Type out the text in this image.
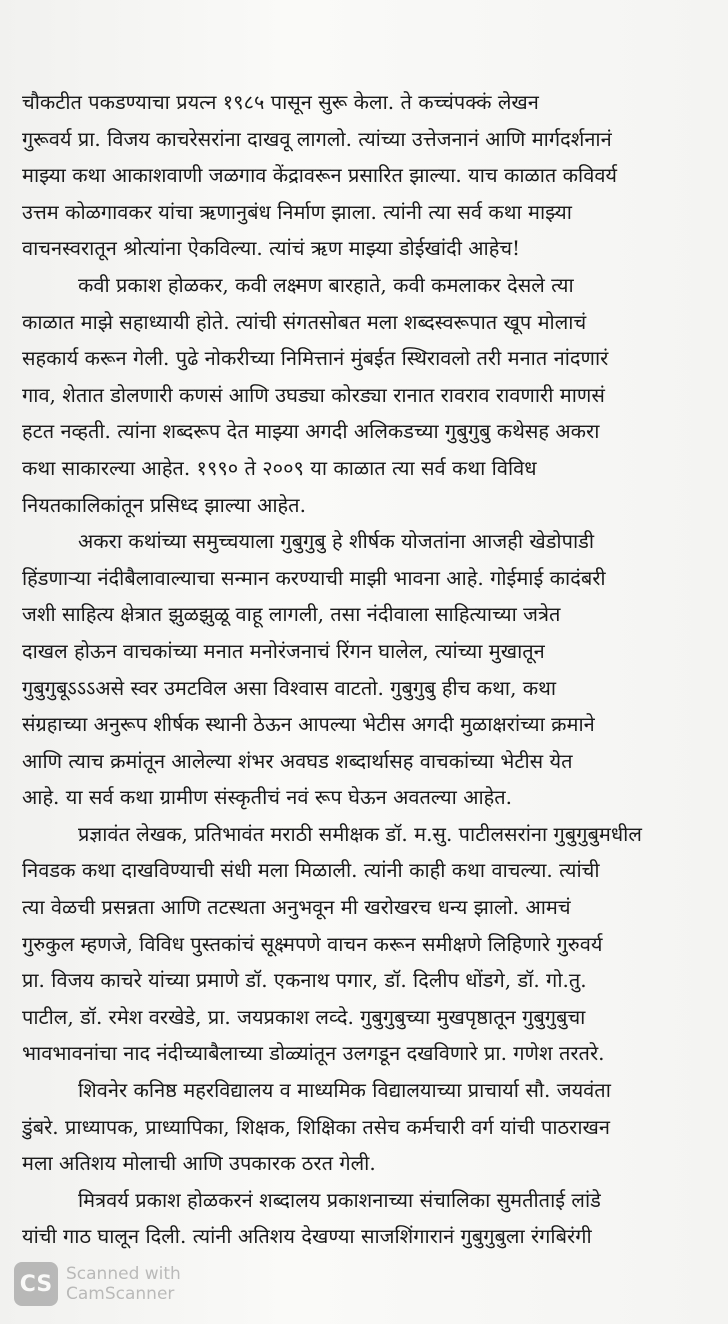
चौकटीत पकडण्याचा प्रयत्न १९८५ पासून सुरू केला. ते कच्चंपक्कं लेखन
गुरूवर्य प्रा. विजय काचरेसरांना दाखवू लागलो. त्यांच्या उत्तेजनानं आणि मार्गदर्शनानं
माझ्या कथा आकाशवाणी जळगाव केंद्रावरून प्रसारित झाल्या. याच काळात कविवर्य
उत्तम कोळगावकर यांचा ऋणानुबंध निर्माण झाला. त्यांनी त्या सर्व कथा माझ्या
वाचनस्वरातून श्रोत्यांना ऐकविल्या. त्यांचं ऋण माझ्या डोईखांदी आहेच!
कवी प्रकाश होळकर, कवी लक्ष्मण बारहाते, कवी कमलाकर देसले त्या
काळात माझे सहाध्यायी होते. त्यांची संगतसोबत मला शब्दस्वरूपात खूप मोलाचं
सहकार्य करून गेली. पुढे नोकरीच्या निमित्तानं मुंबईत स्थिरावलो तरी मनात नांदणारं
गाव, शेतात डोलणारी कणसं आणि उघड्या कोरड्या रानात रावराव रावणारी माणसं
हटत नव्हती. त्यांना शब्दरूप देत माझ्या अगदी अलिकडच्या गुबुगुबु कथेसह अकरा
कथा साकारल्या आहेत. १९९० ते २००९ या काळात त्या सर्व कथा विविध
नियतकालिकांतून प्रसिध्द झाल्या आहेत.
अकरा कथांच्या समुच्चयाला गुबुगुबु हे शीर्षक योजतांना आजही खेडोपाडी
हिंडणाऱ्या नंदीबैलावाल्याचा सन्मान करण्याची माझी भावना आहे. गोईमाई कादंबरी
जशी साहित्य क्षेत्रात झुळझुळू वाहू लागली, तसा नंदीवाला साहित्याच्या जत्रेत
दाखल होऊन वाचकांच्या मनात मनोरंजनाचं रिंगन घालेल, त्यांच्या मुखातून
गुबुगुबूऽऽऽअसे स्वर उमटविल असा विश्वास वाटतो. गुबुगुबु हीच कथा, कथा
संग्रहाच्या अनुरूप शीर्षक स्थानी ठेऊन आपल्या भेटीस अगदी मुळाक्षरांच्या क्रमाने
आणि त्याच क्रमांतून आलेल्या शंभर अवघड शब्दार्थासह वाचकांच्या भेटीस येत
आहे. या सर्व कथा ग्रामीण संस्कृतीचं नवं रूप घेऊन अवतल्या आहेत.
प्रज्ञावंत लेखक, प्रतिभावंत मराठी समीक्षक डॉ. म.सु. पाटीलसरांना गुबुगुबुमधील
निवडक कथा दाखविण्याची संधी मला मिळाली. त्यांनी काही कथा वाचल्या. त्यांची
त्या वेळची प्रसन्नता आणि तटस्थता अनुभवून मी खरोखरच धन्य झालो. आमचं
गुरुकुल म्हणजे, विविध पुस्तकांचं सूक्ष्मपणे वाचन करून समीक्षणे लिहिणारे गुरुवर्य
प्रा. विजय काचरे यांच्या प्रमाणे डॉ. एकनाथ पगार, डॉ. दिलीप धोंडगे, डॉ. गो.तु.
पाटील, डॉ. रमेश वरखेडे, प्रा. जयप्रकाश लव्दे. गुबुगुबुच्या मुखपृष्ठातून गुबुगुबुचा
भावभावनांचा नाद नंदीच्याबैलाच्या डोळ्यांतून उलगडून दखविणारे प्रा. गणेश तरतरे.
शिवनेर कनिष्ठ महरविद्यालय व माध्यमिक विद्यालयाच्या प्राचार्या सौ. जयवंता
डुंबरे. प्राध्यापक, प्राध्यापिका, शिक्षक, शिक्षिका तसेच कर्मचारी वर्ग यांची पाठराखन
मला अतिशय मोलाची आणि उपकारक ठरत गेली.
मित्रवर्य प्रकाश होळकरनं शब्दालय प्रकाशनाच्या संचालिका सुमतीताई लांडे
यांची गाठ घालून दिली. त्यांनी अतिशय देखण्या साजशिंगारानं गुबुगुबुला रंगबिरंगी
CS Scanned with
CamScanner
